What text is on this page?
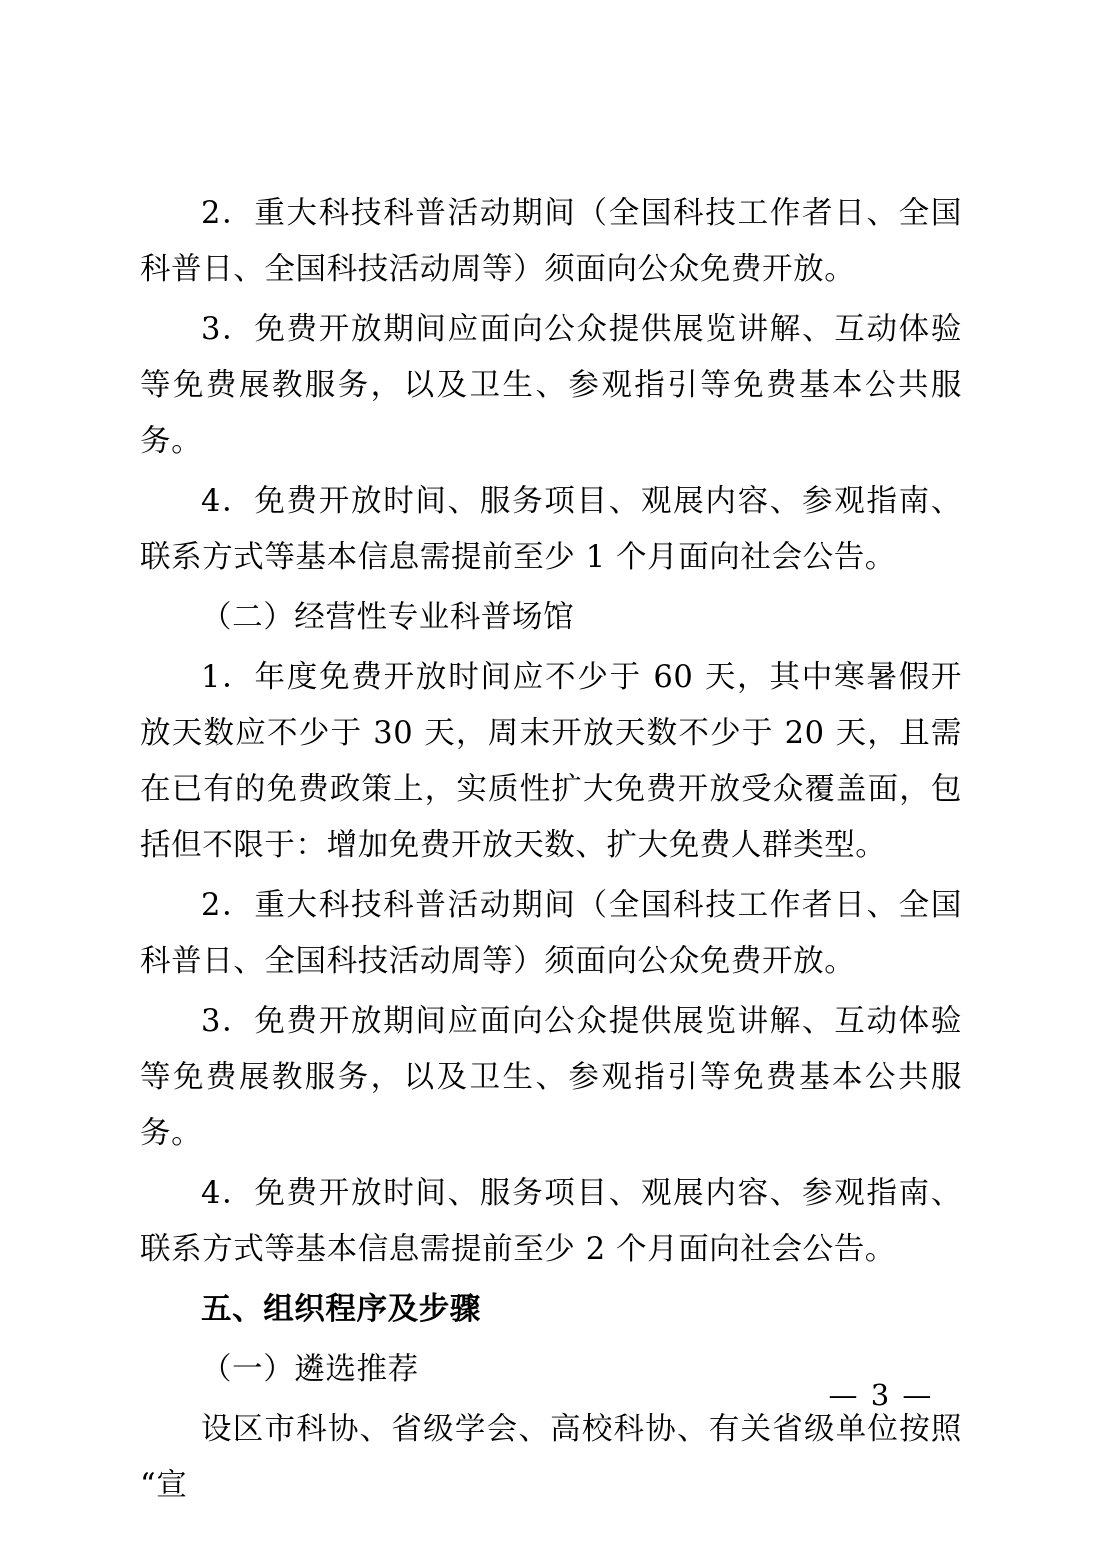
2．重大科技科普活动期间（全国科技工作者日、全国科普日、全国科技活动周等）须面向公众免费开放。

3．免费开放期间应面向公众提供展览讲解、互动体验等免费展教服务，以及卫生、参观指引等免费基本公共服务。

4．免费开放时间、服务项目、观展内容、参观指南、联系方式等基本信息需提前至少 1 个月面向社会公告。

（二）经营性专业科普场馆

1．年度免费开放时间应不少于 60 天，其中寒暑假开放天数应不少于 30 天，周末开放天数不少于 20 天，且需在已有的免费政策上，实质性扩大免费开放受众覆盖面，包括但不限于：增加免费开放天数、扩大免费人群类型。

2．重大科技科普活动期间（全国科技工作者日、全国科普日、全国科技活动周等）须面向公众免费开放。

3．免费开放期间应面向公众提供展览讲解、互动体验等免费展教服务，以及卫生、参观指引等免费基本公共服务。

4．免费开放时间、服务项目、观展内容、参观指南、联系方式等基本信息需提前至少 2 个月面向社会公告。

五、组织程序及步骤

（一）遴选推荐

设区市科协、省级学会、高校科协、有关省级单位按照“宣

— 3 —
